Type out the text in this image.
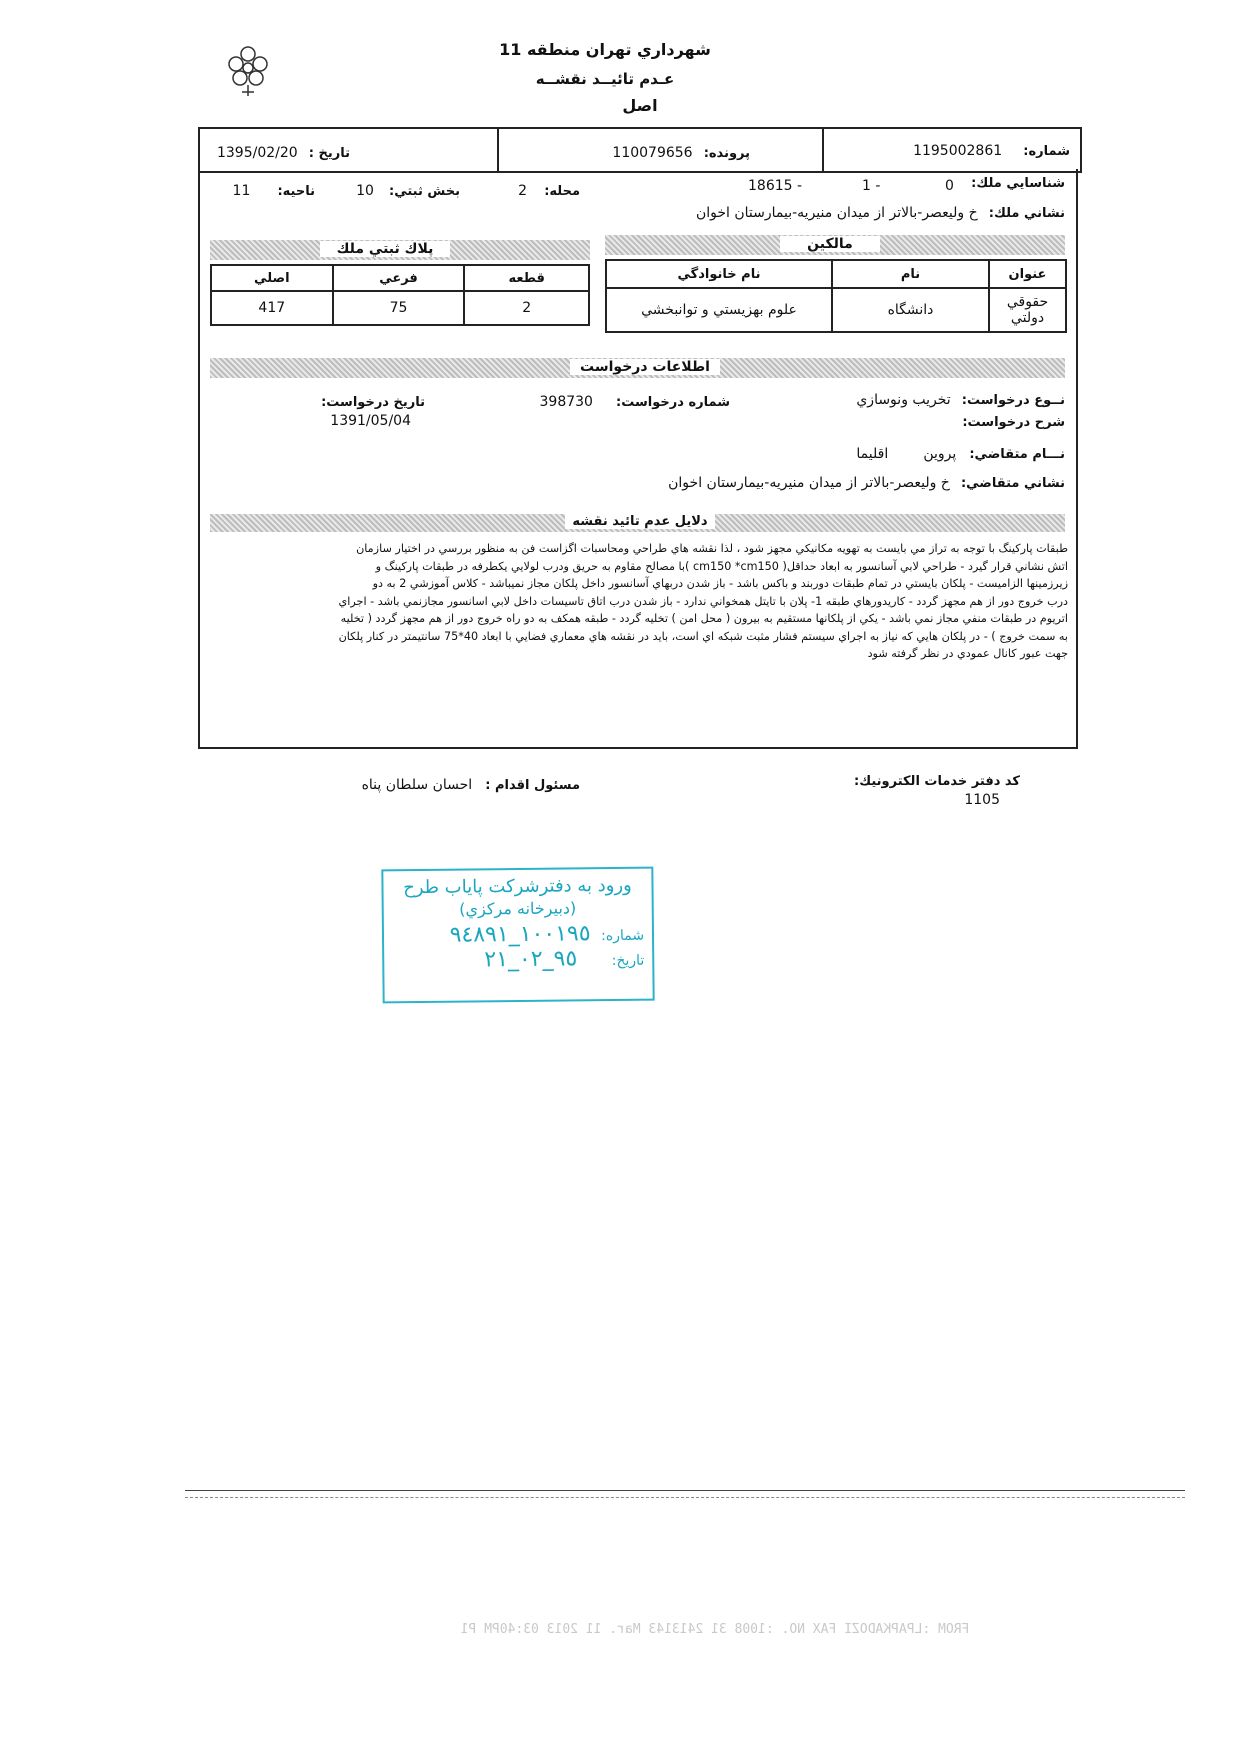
شهرداري تهران منطقه 11
عـدم تائيــد نقشــه
اصل
شماره: 1195002861
پرونده: 110079656
تاريخ : 1395/02/20
شناسايي ملك:
0
1 -
18615 -
محله: 2
بخش ثبتي: 10
ناحيه: 11
نشاني ملك: خ وليعصر-بالاتر از ميدان منيريه-بيمارستان اخوان
مالكين
عنوان	نام	نام خانوادگي
حقوقي دولتي	دانشگاه	علوم بهزيستي و توانبخشي
پلاك ثبتي ملك
قطعه	فرعي	اصلي
2	75	417
اطلاعات درخواست
نــوع درخواست: تخريب ونوسازي
شماره درخواست: 398730
تاريخ درخواست: 1391/05/04	شرح درخواست:
نـــام متقاضي: پروين اقليما
نشاني متقاضي: خ وليعصر-بالاتر از ميدان منيريه-بيمارستان اخوان
دلايل عدم تائيد نقشه
طبقات پاركينگ با توجه به تراز مي بايست به تهويه مكانيكي مجهز شود ، لذا نقشه هاي طراحي ومحاسبات اگزاست فن به منظور بررسي در اختيار سازمان
اتش نشاني قرار گيرد - طراحي لابي آسانسور به ابعاد حداقل( cm150 *cm150 )با مصالح مقاوم به حريق ودرب لولايي يكطرفه در طبقات پاركينگ و
زيرزمينها الزاميست - پلكان بايستي در تمام طبقات دوربند و باكس باشد - باز شدن دربهاي آسانسور داخل پلكان مجاز نميباشد - كلاس آموزشي 2 به دو
درب خروج دور از هم مجهز گردد - كاريدورهاي طبقه 1- پلان با تايتل همخواني ندارد - باز شدن درب اتاق تاسيسات داخل لابي اسانسور مجازنمي باشد - اجراي
اتريوم در طبقات منفي مجاز نمي باشد - يكي از پلكانها مستقيم به بيرون ( محل امن ) تخليه گردد - طبقه همكف به دو راه خروج دور از هم مجهز گردد ( تخليه
به سمت خروج ) - در پلكان هايي كه نياز به اجراي سيستم فشار مثبت شبكه اي است، بايد در نقشه هاي معماري فضايي با ابعاد 40*75 سانتيمتر در كنار پلكان
جهت عبور كانال عمودي در نظر گرفته شود
كد دفتر خدمات الكترونيك: 1105
مسئول اقدام : احسان سلطان پناه
ورود به دفترشركت پاياب طرح
(دبيرخانه مركزي)
شماره: ١٠٠١٩٥_٩٤٨٩١
تاريخ: ٩٥_٠٢_٢١
FROM :LPAPKADOZI FAX NO. :1008 31 2413143 Mar. 11 2013 03:40PM P1
